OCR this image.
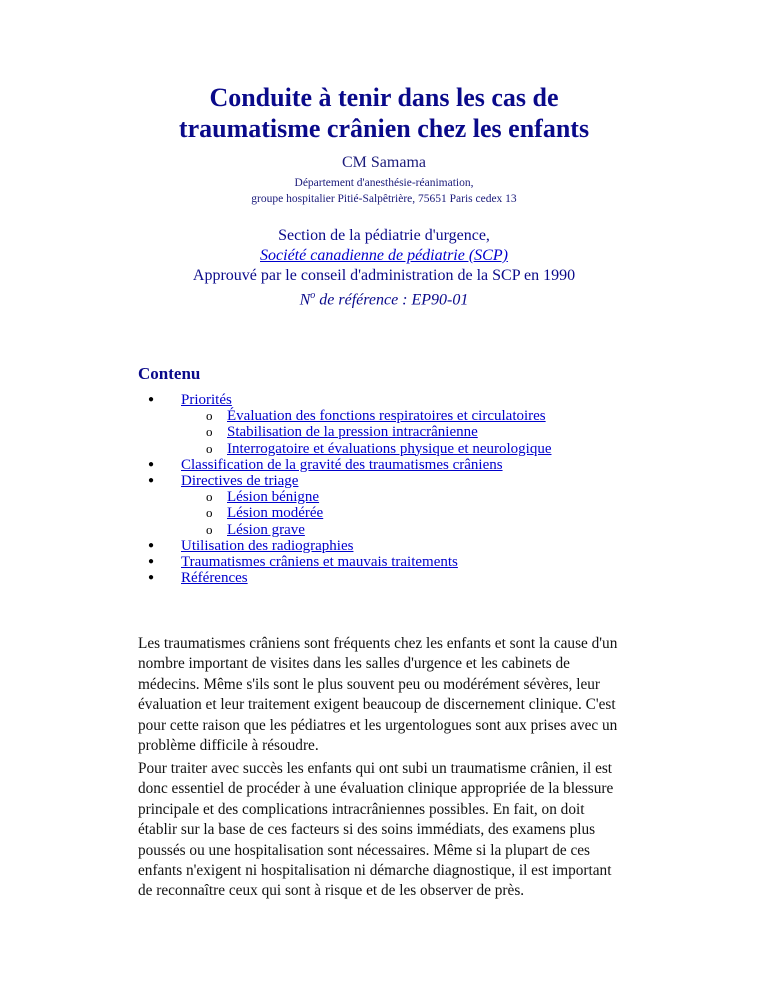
Conduite à tenir dans les cas de
traumatisme crânien chez les enfants
CM Samama
Département d'anesthésie-réanimation,
groupe hospitalier Pitié-Salpêtrière, 75651 Paris cedex 13
Section de la pédiatrie d'urgence,
Société canadienne de pédiatrie (SCP)
Approuvé par le conseil d'administration de la SCP en 1990
$N^o$ de référence : EP90-01
Contenu
● Priorités
o Évaluation des fonctions respiratoires et circulatoires
o Stabilisation de la pression intracrânienne
o Interrogatoire et évaluations physique et neurologique
● Classification de la gravité des traumatismes crâniens
● Directives de triage
o Lésion bénigne
o Lésion modérée
o Lésion grave
● Utilisation des radiographies
● Traumatismes crâniens et mauvais traitements
● Références
Les traumatismes crâniens sont fréquents chez les enfants et sont la cause d'un nombre important de visites dans les salles d'urgence et les cabinets de médecins. Même s'ils sont le plus souvent peu ou modérément sévères, leur évaluation et leur traitement exigent beaucoup de discernement clinique. C'est pour cette raison que les pédiatres et les urgentologues sont aux prises avec un problème difficile à résoudre.
Pour traiter avec succès les enfants qui ont subi un traumatisme crânien, il est donc essentiel de procéder à une évaluation clinique appropriée de la blessure principale et des complications intracrâniennes possibles. En fait, on doit établir sur la base de ces facteurs si des soins immédiats, des examens plus poussés ou une hospitalisation sont nécessaires. Même si la plupart de ces enfants n'exigent ni hospitalisation ni démarche diagnostique, il est important de reconnaître ceux qui sont à risque et de les observer de près.
